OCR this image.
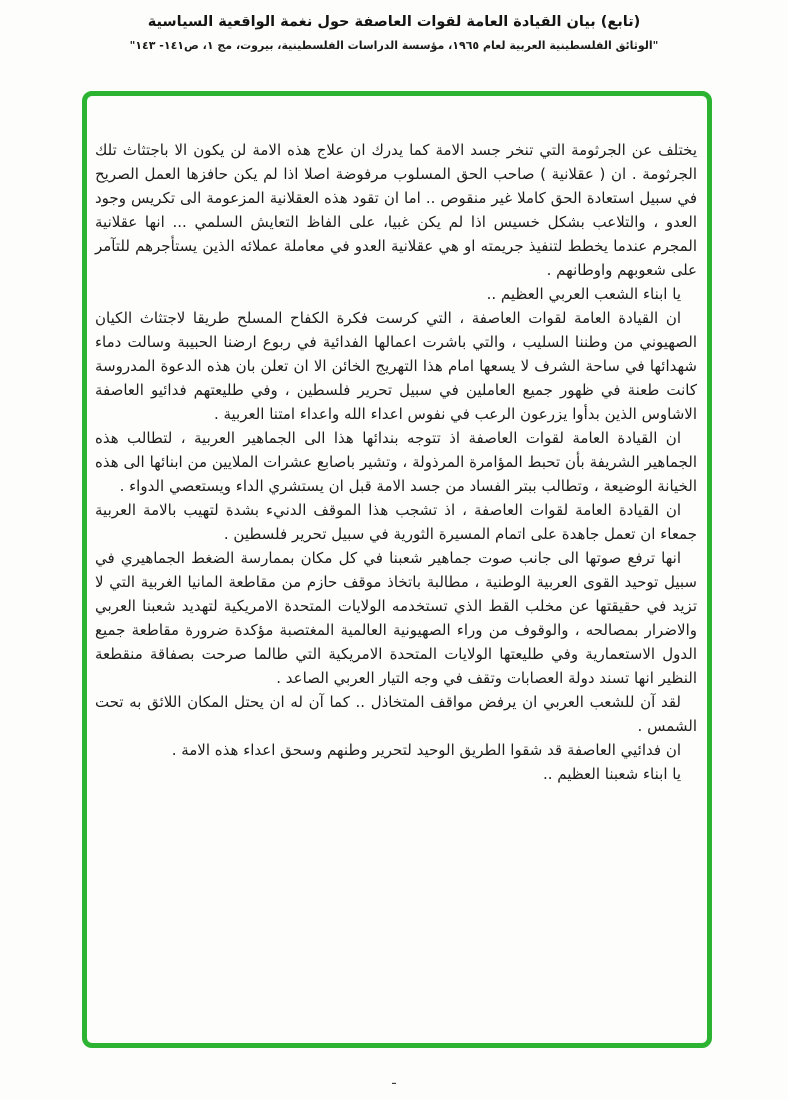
(تابع) بيان القيادة العامة لقوات العاصفة حول نغمة الواقعية السياسية
"الوثائق الفلسطينية العربية لعام ١٩٦٥، مؤسسة الدراسات الفلسطينية، بيروت، مج ١، ص١٤١- ١٤٣"

يختلف عن الجرثومة التي تنخر جسد الامة كما يدرك ان علاج هذه الامة لن يكون الا باجتثاث تلك الجرثومة . ان ( عقلانية ) صاحب الحق المسلوب مرفوضة اصلا اذا لم يكن حافزها العمل الصريح في سبيل استعادة الحق كاملا غير منقوص .. اما ان تقود هذه العقلانية المزعومة الى تكريس وجود العدو ، والتلاعب بشكل خسيس اذا لم يكن غبيا، على الفاظ التعايش السلمي ... انها عقلانية المجرم عندما يخطط لتنفيذ جريمته او هي عقلانية العدو في معاملة عملائه الذين يستأجرهم للتآمر على شعوبهم واوطانهم .

يا ابناء الشعب العربي العظيم ..

ان القيادة العامة لقوات العاصفة ، التي كرست فكرة الكفاح المسلح طريقا لاجتثاث الكيان الصهيوني من وطننا السليب ، والتي باشرت اعمالها الفدائية في ربوع ارضنا الحبيبة وسالت دماء شهدائها في ساحة الشرف لا يسعها امام هذا التهريج الخائن الا ان تعلن بان هذه الدعوة المدروسة كانت طعنة في ظهور جميع العاملين في سبيل تحرير فلسطين ، وفي طليعتهم فدائيو العاصفة الاشاوس الذين بدأوا يزرعون الرعب في نفوس اعداء الله واعداء امتنا العربية .

ان القيادة العامة لقوات العاصفة اذ تتوجه بندائها هذا الى الجماهير العربية ، لتطالب هذه الجماهير الشريفة بأن تحبط المؤامرة المرذولة ، وتشير باصابع عشرات الملايين من ابنائها الى هذه الخيانة الوضيعة ، وتطالب ببتر الفساد من جسد الامة قبل ان يستشري الداء ويستعصي الدواء .

ان القيادة العامة لقوات العاصفة ، اذ تشجب هذا الموقف الدنيء بشدة لتهيب بالامة العربية جمعاء ان تعمل جاهدة على اتمام المسيرة الثورية في سبيل تحرير فلسطين .

انها ترفع صوتها الى جانب صوت جماهير شعبنا في كل مكان بممارسة الضغط الجماهيري في سبيل توحيد القوى العربية الوطنية ، مطالبة باتخاذ موقف حازم من مقاطعة المانيا الغربية التي لا تزيد في حقيقتها عن مخلب القط الذي تستخدمه الولايات المتحدة الامريكية لتهديد شعبنا العربي والاضرار بمصالحه ، والوقوف من وراء الصهيونية العالمية المغتصبة مؤكدة ضرورة مقاطعة جميع الدول الاستعمارية وفي طليعتها الولايات المتحدة الامريكية التي طالما صرحت بصفاقة منقطعة النظير انها تسند دولة العصابات وتقف في وجه التيار العربي الصاعد .

لقد آن للشعب العربي ان يرفض مواقف المتخاذل .. كما آن له ان يحتل المكان اللائق به تحت الشمس .

ان فدائيي العاصفة قد شقوا الطريق الوحيد لتحرير وطنهم وسحق اعداء هذه الامة .

يا ابناء شعبنا العظيم ..

ـ
